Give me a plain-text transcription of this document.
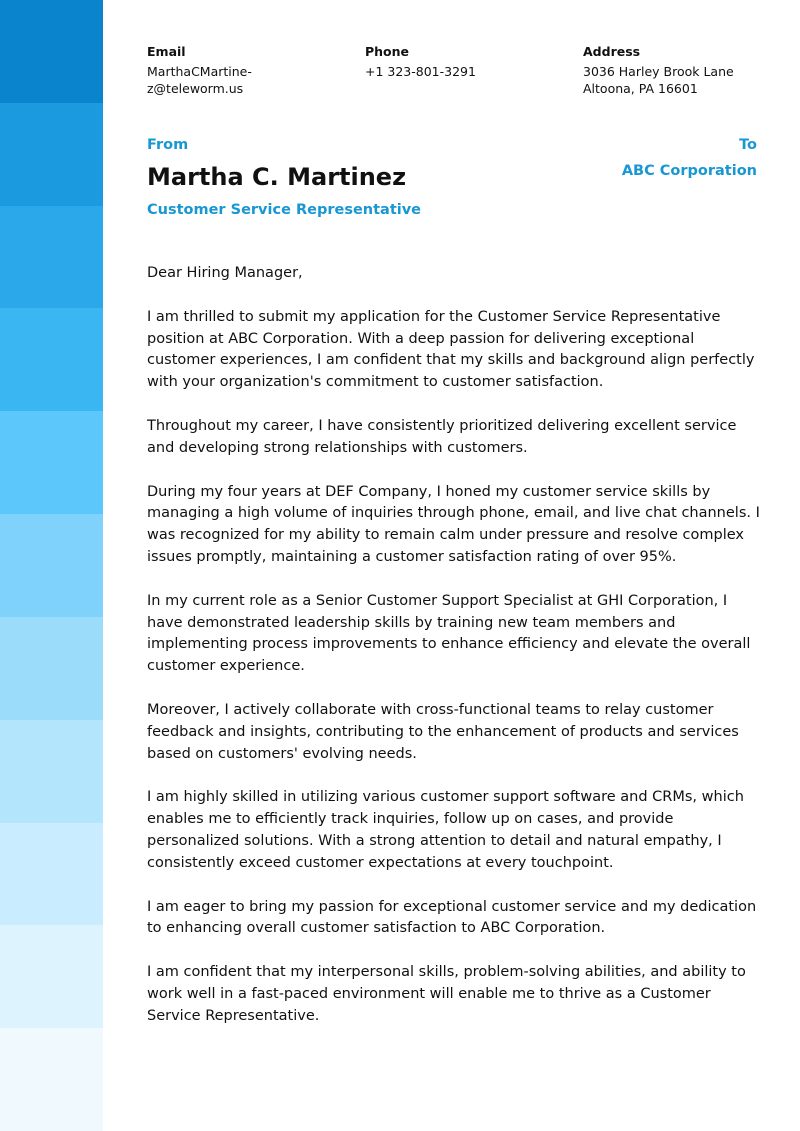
Email
MarthaCMartine-
z@teleworm.us
Phone
+1 323-801-3291
Address
3036 Harley Brook Lane
Altoona, PA 16601
From
Martha C. Martinez
Customer Service Representative
To
ABC Corporation

Dear Hiring Manager,

I am thrilled to submit my application for the Customer Service Representative position at ABC Corporation. With a deep passion for delivering exceptional customer experiences, I am confident that my skills and background align perfectly with your organization's commitment to customer satisfaction.

Throughout my career, I have consistently prioritized delivering excellent service and developing strong relationships with customers.

During my four years at DEF Company, I honed my customer service skills by managing a high volume of inquiries through phone, email, and live chat channels. I was recognized for my ability to remain calm under pressure and resolve complex issues promptly, maintaining a customer satisfaction rating of over 95%.

In my current role as a Senior Customer Support Specialist at GHI Corporation, I have demonstrated leadership skills by training new team members and implementing process improvements to enhance efficiency and elevate the overall customer experience.

Moreover, I actively collaborate with cross-functional teams to relay customer feedback and insights, contributing to the enhancement of products and services based on customers' evolving needs.

I am highly skilled in utilizing various customer support software and CRMs, which enables me to efficiently track inquiries, follow up on cases, and provide personalized solutions. With a strong attention to detail and natural empathy, I consistently exceed customer expectations at every touchpoint.

I am eager to bring my passion for exceptional customer service and my dedication to enhancing overall customer satisfaction to ABC Corporation.

I am confident that my interpersonal skills, problem-solving abilities, and ability to work well in a fast-paced environment will enable me to thrive as a Customer Service Representative.
